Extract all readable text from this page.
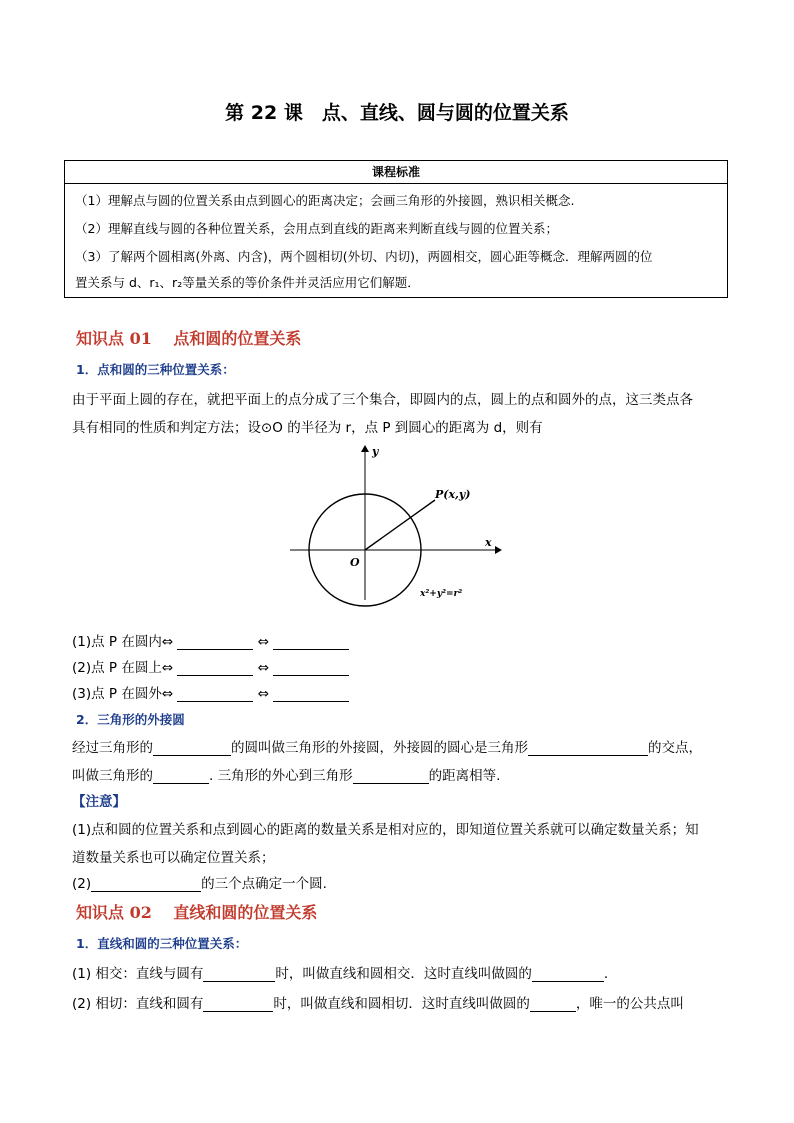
第 22 课　点、直线、圆与圆的位置关系
课程标准
（1）理解点与圆的位置关系由点到圆心的距离决定；会画三角形的外接圆，熟识相关概念.
（2）理解直线与圆的各种位置关系，会用点到直线的距离来判断直线与圆的位置关系；
（3）了解两个圆相离(外离、内含)，两个圆相切(外切、内切)，两圆相交，圆心距等概念．理解两圆的位
置关系与 d、r₁、r₂等量关系的等价条件并灵活应用它们解题．
知识点 01　 点和圆的位置关系
1．点和圆的三种位置关系：
由于平面上圆的存在，就把平面上的点分成了三个集合，即圆内的点，圆上的点和圆外的点，这三类点各
具有相同的性质和判定方法；设⊙O 的半径为 r，点 P 到圆心的距离为 d，则有
y
x
O
P(x,y)
x²+y²=r²
(1)点 P 在圆内⇔	⇔
(2)点 P 在圆上⇔	⇔
(3)点 P 在圆外⇔	⇔
2．三角形的外接圆
经过三角形的	的圆叫做三角形的外接圆，外接圆的圆心是三角形	的交点，
叫做三角形的	. 三角形的外心到三角形	的距离相等.
【注意】
(1)点和圆的位置关系和点到圆心的距离的数量关系是相对应的，即知道位置关系就可以确定数量关系；知
道数量关系也可以确定位置关系；
(2)	的三个点确定一个圆.
知识点 02　 直线和圆的位置关系
1．直线和圆的三种位置关系：
(1) 相交：直线与圆有	时，叫做直线和圆相交．这时直线叫做圆的	.
(2) 相切：直线和圆有	时，叫做直线和圆相切．这时直线叫做圆的	，唯一的公共点叫
